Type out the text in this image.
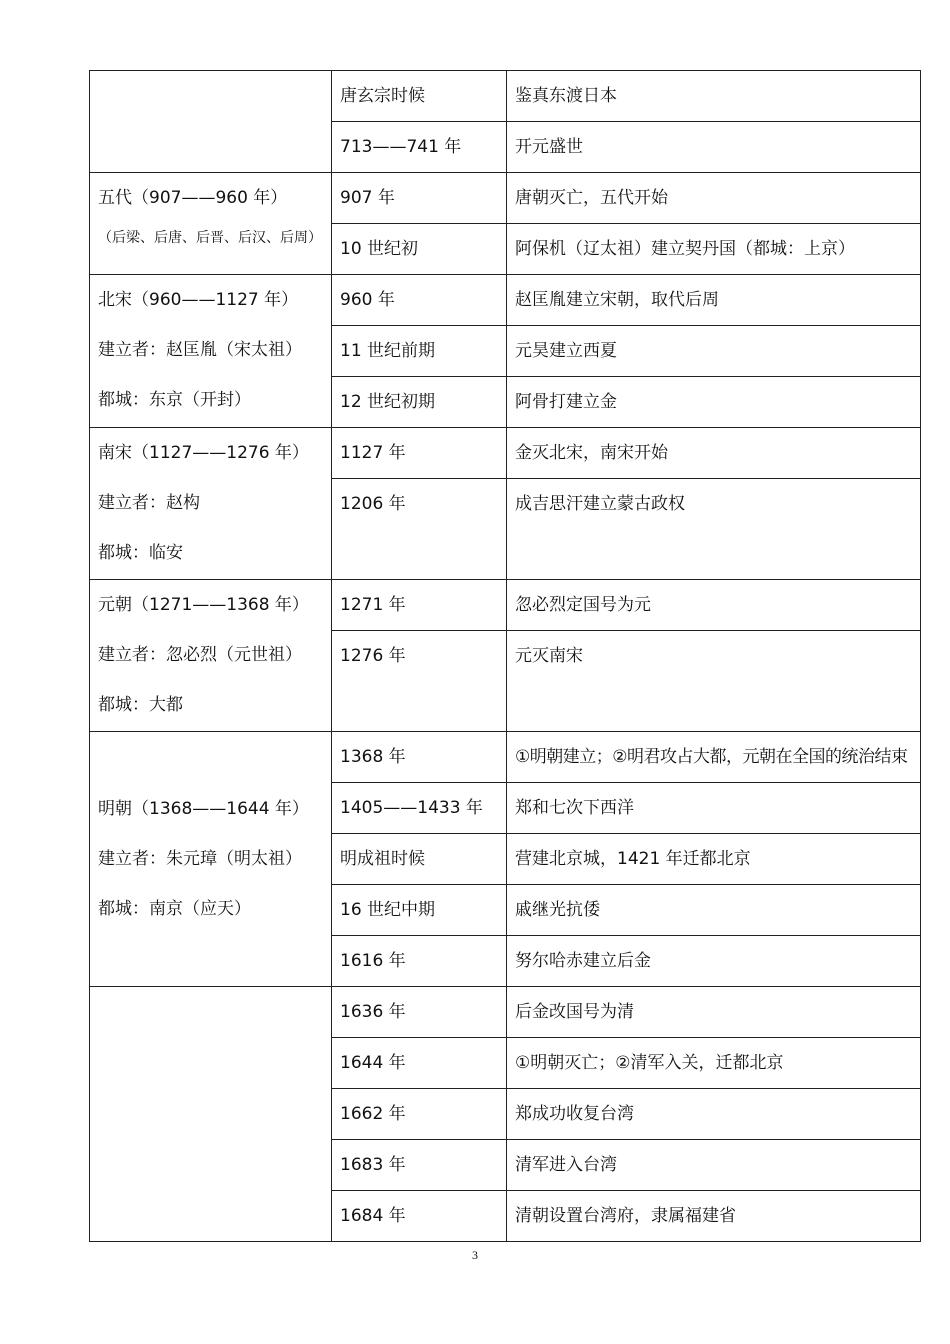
	唐玄宗时候	鉴真东渡日本
	713——741 年	开元盛世

五代（907——960 年）
（后梁、后唐、后晋、后汉、后周）	907 年	唐朝灭亡，五代开始
	10 世纪初	阿保机（辽太祖）建立契丹国（都城：上京）

北宋（960——1127 年）
建立者：赵匡胤（宋太祖）
都城：东京（开封）	960 年	赵匡胤建立宋朝，取代后周
	11 世纪前期	元昊建立西夏
	12 世纪初期	阿骨打建立金

南宋（1127——1276 年）
建立者：赵构
都城：临安	1127 年	金灭北宋，南宋开始
	1206 年	成吉思汗建立蒙古政权

元朝（1271——1368 年）
建立者：忽必烈（元世祖）
都城：大都	1271 年	忽必烈定国号为元
	1276 年	元灭南宋

明朝（1368——1644 年）
建立者：朱元璋（明太祖）
都城：南京（应天）	1368 年	①明朝建立；②明君攻占大都，元朝在全国的统治结束
	1405——1433 年	郑和七次下西洋
	明成祖时候	营建北京城，1421 年迁都北京
	16 世纪中期	戚继光抗倭
	1616 年	努尔哈赤建立后金
	1636 年	后金改国号为清
	1644 年	①明朝灭亡；②清军入关，迁都北京
	1662 年	郑成功收复台湾
	1683 年	清军进入台湾
	1684 年	清朝设置台湾府，隶属福建省
3
